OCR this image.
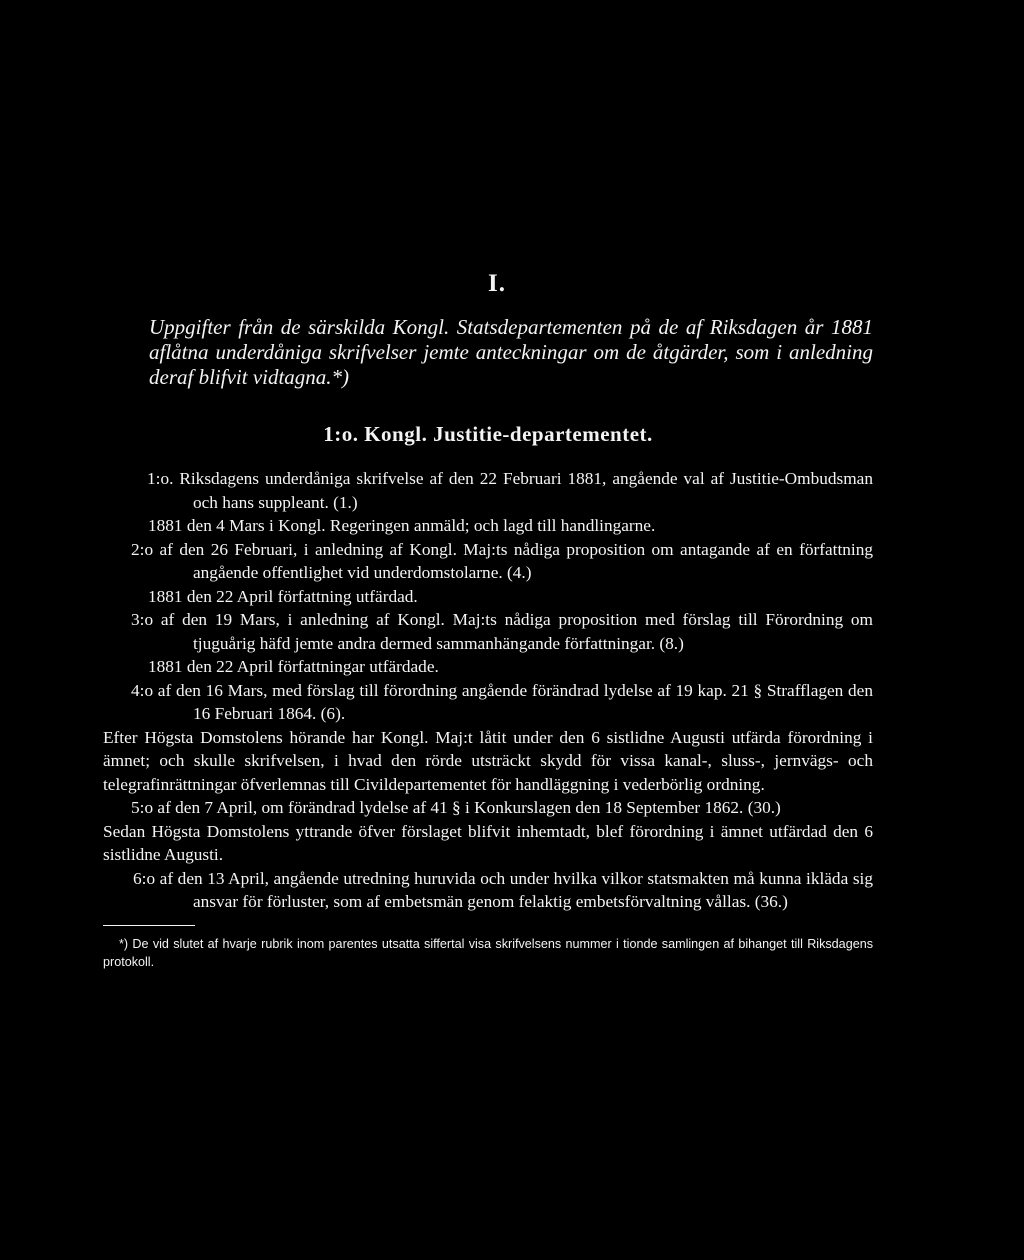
I.

Uppgifter från de särskilda Kongl. Statsdepartementen på de af Riksdagen år 1881 aflåtna underdåniga skrifvelser jemte anteckningar om de åtgärder, som i anledning deraf blifvit vidtagna.*)

1:o. Kongl. Justitie-departementet.

1:o. Riksdagens underdåniga skrifvelse af den 22 Februari 1881, angående val af Justitie-Ombudsman och hans suppleant. (1.)

1881 den 4 Mars i Kongl. Regeringen anmäld; och lagd till handlingarne.

2:o af den 26 Februari, i anledning af Kongl. Maj:ts nådiga proposition om antagande af en författning angående offentlighet vid underdomstolarne. (4.)

1881 den 22 April författning utfärdad.

3:o af den 19 Mars, i anledning af Kongl. Maj:ts nådiga proposition med förslag till Förordning om tjuguårig häfd jemte andra dermed sammanhängande författningar. (8.)

1881 den 22 April författningar utfärdade.

4:o af den 16 Mars, med förslag till förordning angående förändrad lydelse af 19 kap. 21 § Strafflagen den 16 Februari 1864. (6).

Efter Högsta Domstolens hörande har Kongl. Maj:t låtit under den 6 sistlidne Augusti utfärda förordning i ämnet; och skulle skrifvelsen, i hvad den rörde utsträckt skydd för vissa kanal-, sluss-, jernvägs- och telegrafinrättningar öfverlemnas till Civildepartementet för handläggning i vederbörlig ordning.

5:o af den 7 April, om förändrad lydelse af 41 § i Konkurslagen den 18 September 1862. (30.)

Sedan Högsta Domstolens yttrande öfver förslaget blifvit inhemtadt, blef förordning i ämnet utfärdad den 6 sistlidne Augusti.

6:o af den 13 April, angående utredning huruvida och under hvilka vilkor statsmakten må kunna ikläda sig ansvar för förluster, som af embetsmän genom felaktig embetsförvaltning vållas. (36.)

*) De vid slutet af hvarje rubrik inom parentes utsatta siffertal visa skrifvelsens nummer i tionde samlingen af bihanget till Riksdagens protokoll.
